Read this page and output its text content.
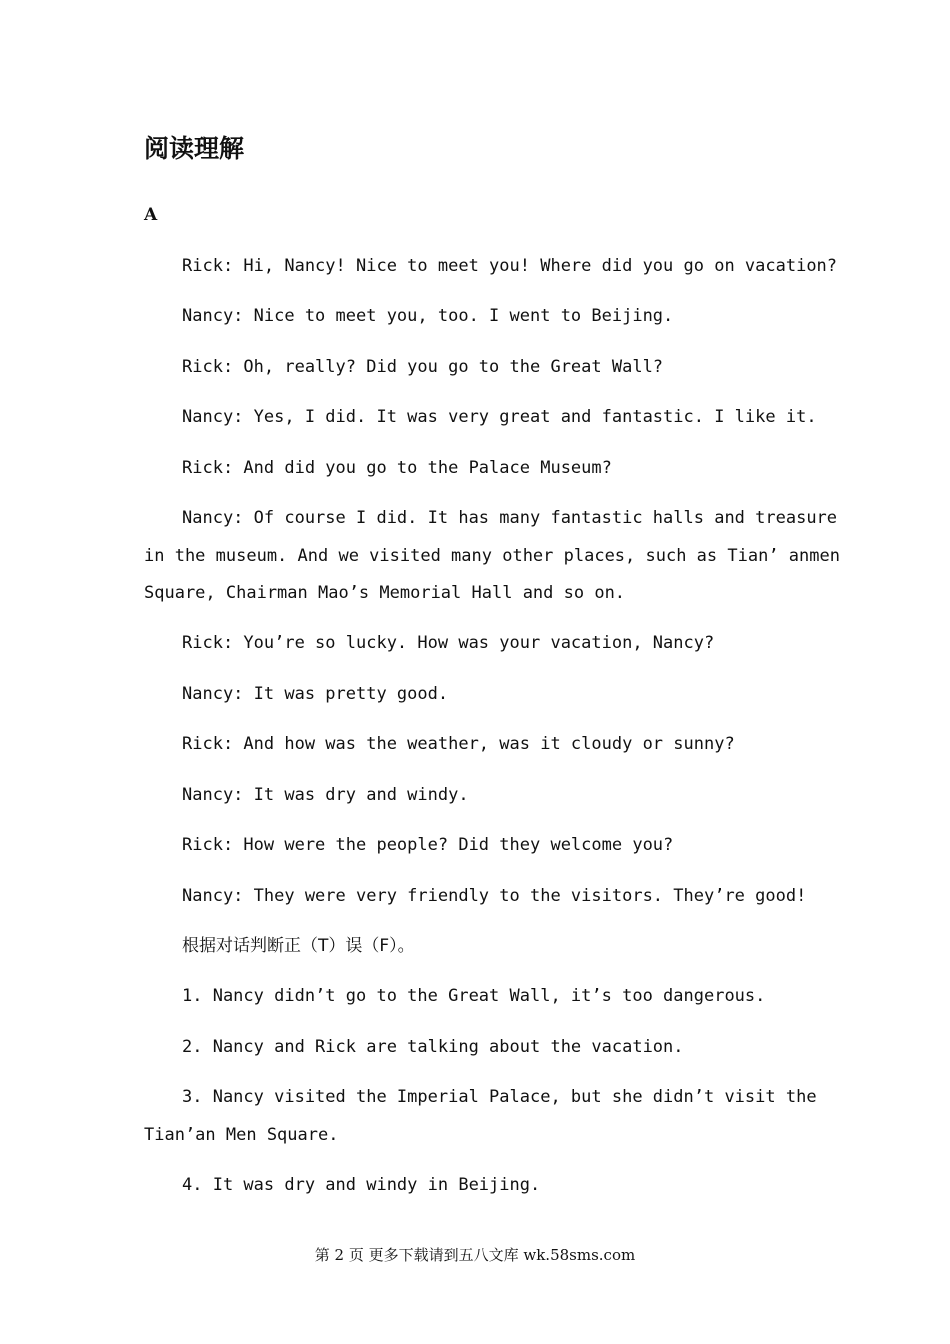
阅读理解

A

Rick: Hi, Nancy! Nice to meet you! Where did you go on vacation?

Nancy: Nice to meet you, too. I went to Beijing.

Rick: Oh, really? Did you go to the Great Wall?

Nancy: Yes, I did. It was very great and fantastic. I like it.

Rick: And did you go to the Palace Museum?

Nancy: Of course I did. It has many fantastic halls and treasure

in the museum. And we visited many other places, such as Tian’ anmen

Square, Chairman Mao’s Memorial Hall and so on.

Rick: You’re so lucky. How was your vacation, Nancy?

Nancy: It was pretty good.

Rick: And how was the weather, was it cloudy or sunny?

Nancy: It was dry and windy.

Rick: How were the people? Did they welcome you?

Nancy: They were very friendly to the visitors. They’re good!

根据对话判断正（T）误（F）。

1. Nancy didn’t go to the Great Wall, it’s too dangerous.

2. Nancy and Rick are talking about the vacation.

3. Nancy visited the Imperial Palace, but she didn’t visit the

Tian’an Men Square.

4. It was dry and windy in Beijing.

第 2 页 更多下载请到五八文库 wk.58sms.com
